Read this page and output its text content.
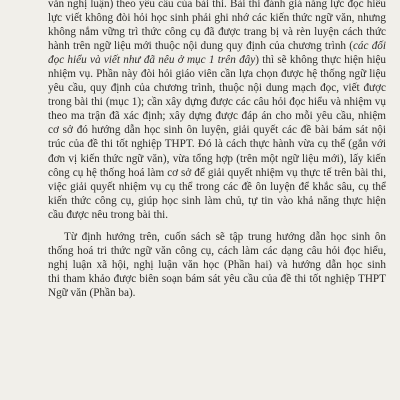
văn nghị luận) theo yêu cầu của bài thi. Bài thi đánh giá năng lực đọc hiểu
lực viết không đòi hỏi học sinh phải ghi nhớ các kiến thức ngữ văn, nhưng
không nắm vững trì thức công cụ đã được trang bị và rèn luyện cách thức
hành trên ngữ liệu mới thuộc nội dung quy định của chương trình (các đối
đọc hiểu và viết như đã nêu ở mục 1 trên đây) thì sẽ không thực hiện hiệu
nhiệm vụ. Phần này đòi hỏi giáo viên cần lựa chọn được hệ thống ngữ liệu
yêu cầu, quy định của chương trình, thuộc nội dung mạch đọc, viết được
trong bài thi (mục 1); cần xây dựng được các câu hỏi đọc hiểu và nhiệm vụ
theo ma trận đã xác định; xây dựng được đáp án cho mỗi yêu cầu, nhiệm
cơ sở đó hướng dẫn học sinh ôn luyện, giải quyết các đề bài bám sát nội
trúc của đề thi tốt nghiệp THPT. Đó là cách thực hành vừa cụ thể (gắn với
đơn vị kiến thức ngữ văn), vừa tổng hợp (trên một ngữ liệu mới), lấy kiến
công cụ hệ thống hoá làm cơ sở để giải quyết nhiệm vụ thực tế trên bài thi,
việc giải quyết nhiệm vụ cụ thể trong các đề ôn luyện để khắc sâu, cụ thể
kiến thức công cụ, giúp học sinh làm chủ, tự tin vào khả năng thực hiện
cầu được nêu trong bài thi.
Từ định hướng trên, cuốn sách sẽ tập trung hướng dẫn học sinh ôn
thống hoá tri thức ngữ văn công cụ, cách làm các dạng câu hỏi đọc hiểu,
nghị luận xã hội, nghị luận văn học (Phần hai) và hướng dẫn học sinh
thi tham khảo được biên soạn bám sát yêu cầu của đề thi tốt nghiệp THPT
Ngữ văn (Phần ba).
